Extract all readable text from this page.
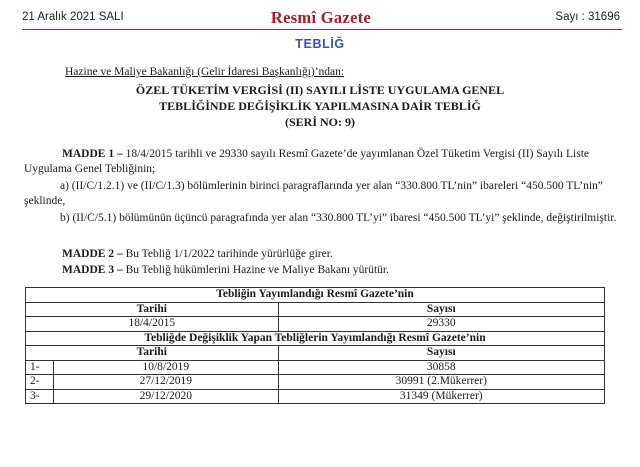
21 Aralık 2021 SALI	Resmî Gazete	Sayı : 31696
TEBLİĞ
Hazine ve Maliye Bakanlığı (Gelir İdaresi Başkanlığı)’ndan:
ÖZEL TÜKETİM VERGİSİ (II) SAYILI LİSTE UYGULAMA GENEL
TEBLİĞİNDE DEĞİŞİKLİK YAPILMASINA DAİR TEBLİĞ
(SERİ NO: 9)
MADDE 1 – 18/4/2015 tarihli ve 29330 sayılı Resmî Gazete’de yayımlanan Özel Tüketim Vergisi (II) Sayılı Liste Uygulama Genel Tebliğinin;
a) (II/C/1.2.1) ve (II/C/1.3) bölümlerinin birinci paragraflarında yer alan “330.800 TL’nin” ibareleri “450.500 TL’nin” şeklinde,
b) (II/C/5.1) bölümünün üçüncü paragrafında yer alan “330.800 TL’yi” ibaresi “450.500 TL’yi” şeklinde, değiştirilmiştir.
MADDE 2 – Bu Tebliğ 1/1/2022 tarihinde yürürlüğe girer.
MADDE 3 – Bu Tebliğ hükümlerini Hazine ve Maliye Bakanı yürütür.
Tebliğin Yayımlandığı Resmî Gazete’nin		
Tarihi		Sayısı
18/4/2015		29330
Tebliğde Değişiklik Yapan Tebliğlerin Yayımlandığı Resmî Gazete’nin		
Tarihi		Sayısı
1-	10/8/2019	30858
2-	27/12/2019	30991 (2.Mükerrer)
3-	29/12/2020	31349 (Mükerrer)
